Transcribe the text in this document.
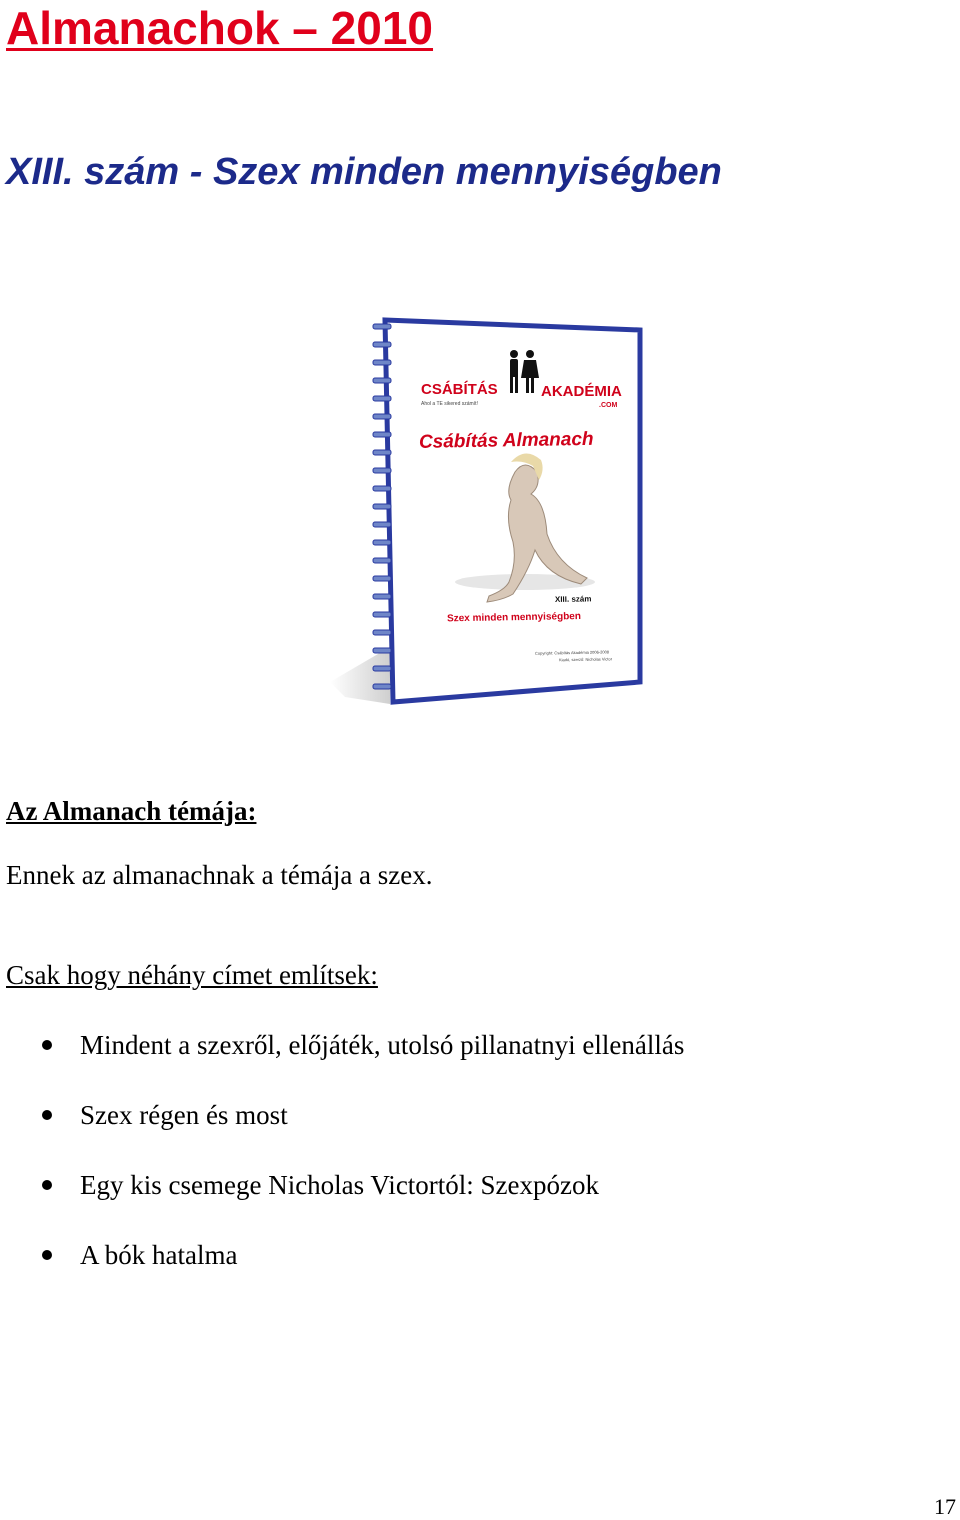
Almanachok – 2010
XIII. szám - Szex minden mennyiségben
CSÁBÍTÁS	AKADÉMIA
.COM
Ahol a TE sikered számít!
Csábítás Almanach
XIII. szám
Szex minden mennyiségben
Copyright: Csábítás Akadémia 2006-2008
Kiadó, szerző: Nicholas Victor

Az Almanach témája:

Ennek az almanachnak a témája a szex.

Csak hogy néhány címet említsek:

Mindent a szexről, előjáték, utolsó pillanatnyi ellenállás
Szex régen és most
Egy kis csemege Nicholas Victortól: Szexpózok
A bók hatalma
17
